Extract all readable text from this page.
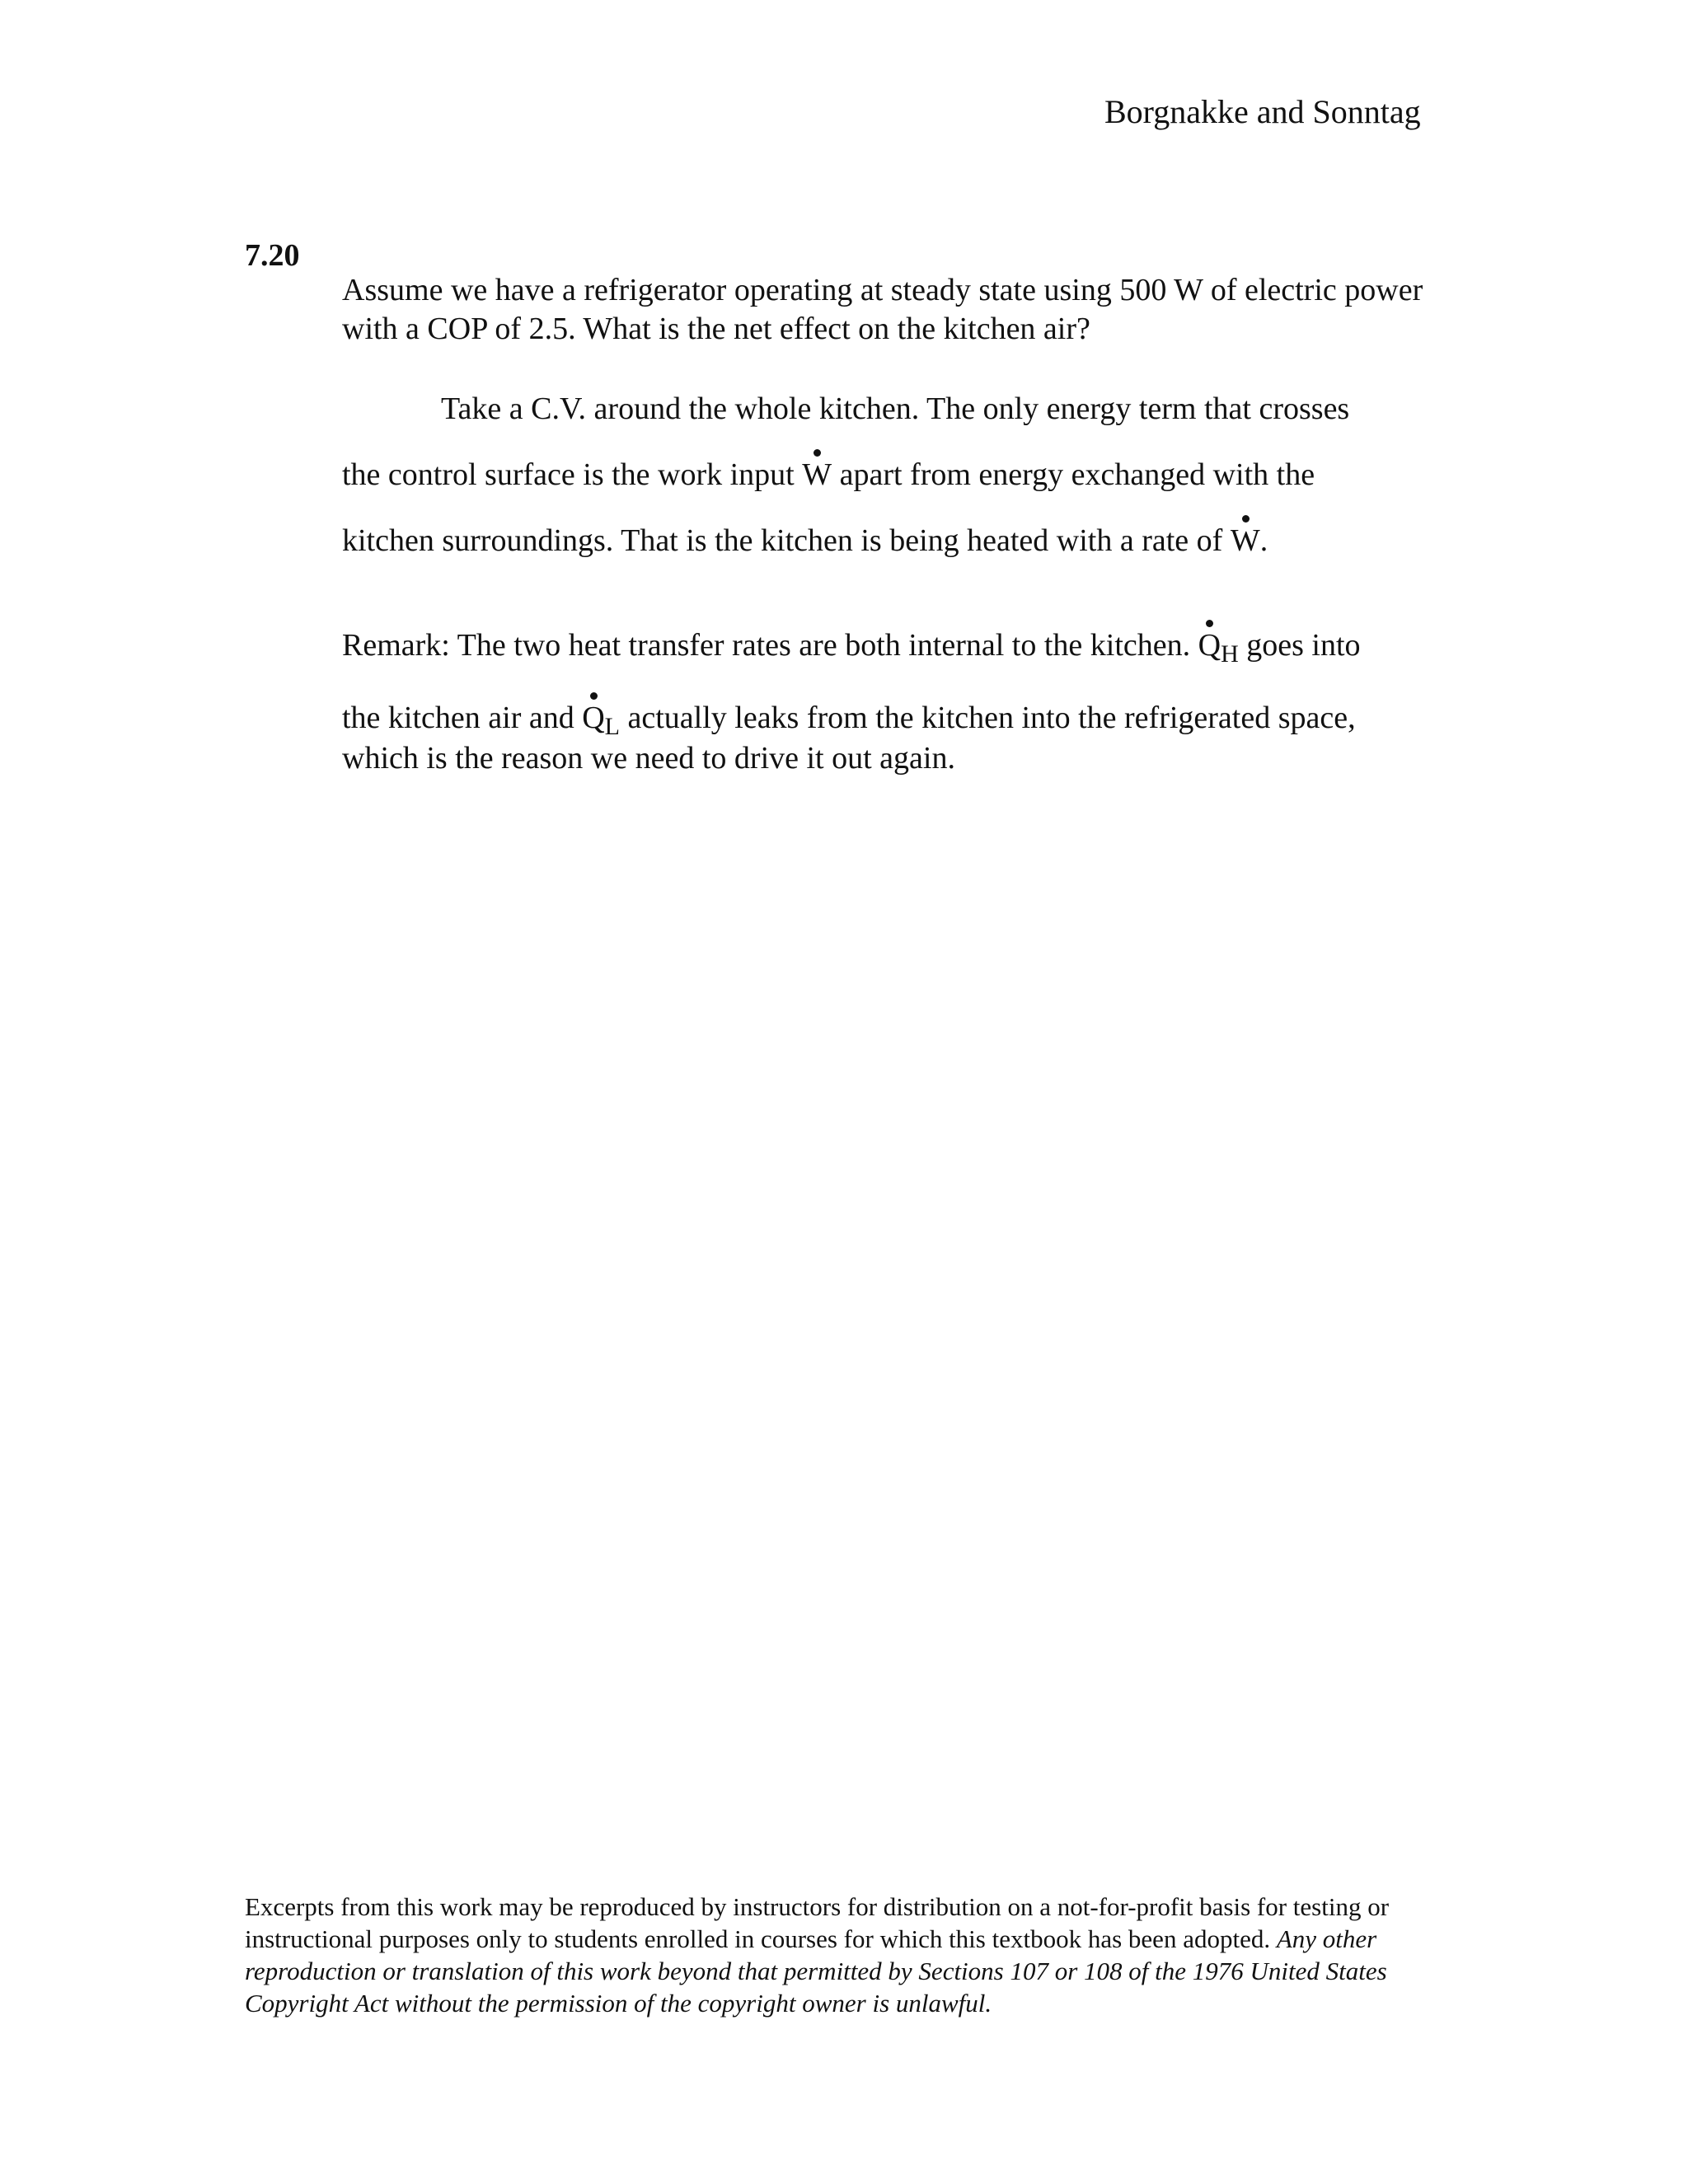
Borgnakke and Sonntag
7.20
Assume we have a refrigerator operating at steady state using 500 W of electric power with a COP of 2.5. What is the net effect on the kitchen air?
Take a C.V. around the whole kitchen. The only energy term that crosses
the control surface is the work input
W apart from energy exchanged with the
kitchen surroundings. That is the kitchen is being heated with a rate of
W.
Remark: The two heat transfer rates are both internal to the kitchen.
$Q_H$ goes into
the kitchen air and
$Q_L$ actually leaks from the kitchen into the refrigerated space,
which is the reason we need to drive it out again.
Excerpts from this work may be reproduced by instructors for distribution on a not-for-profit basis for testing or instructional purposes only to students enrolled in courses for which this textbook has been adopted. Any other reproduction or translation of this work beyond that permitted by Sections 107 or 108 of the 1976 United States Copyright Act without the permission of the copyright owner is unlawful.
